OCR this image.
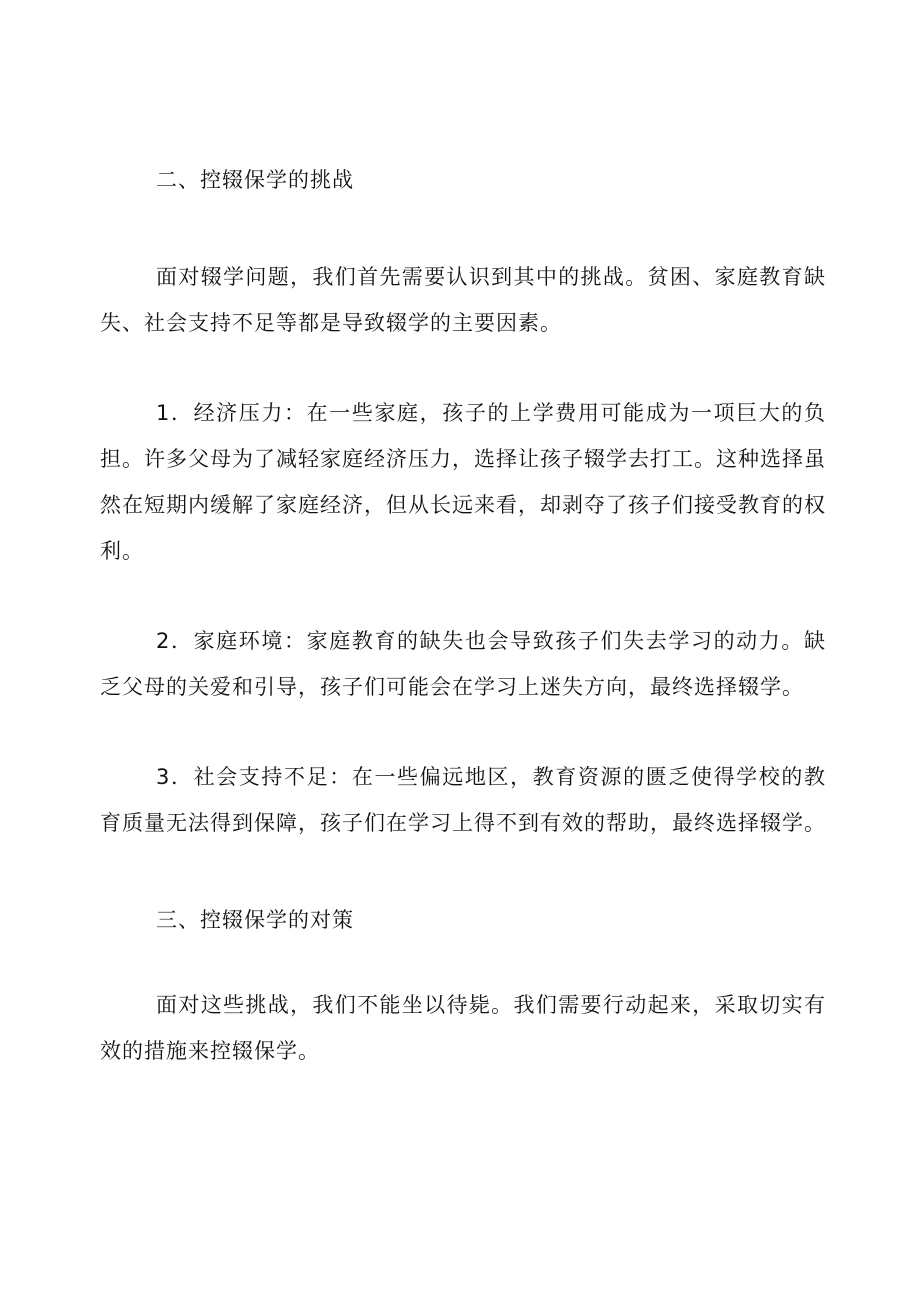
二、控辍保学的挑战

面对辍学问题，我们首先需要认识到其中的挑战。贫困、家庭教育缺失、社会支持不足等都是导致辍学的主要因素。

1．经济压力：在一些家庭，孩子的上学费用可能成为一项巨大的负担。许多父母为了减轻家庭经济压力，选择让孩子辍学去打工。这种选择虽然在短期内缓解了家庭经济，但从长远来看，却剥夺了孩子们接受教育的权利。

2．家庭环境：家庭教育的缺失也会导致孩子们失去学习的动力。缺乏父母的关爱和引导，孩子们可能会在学习上迷失方向，最终选择辍学。

3．社会支持不足：在一些偏远地区，教育资源的匮乏使得学校的教育质量无法得到保障，孩子们在学习上得不到有效的帮助，最终选择辍学。

三、控辍保学的对策

面对这些挑战，我们不能坐以待毙。我们需要行动起来，采取切实有效的措施来控辍保学。
